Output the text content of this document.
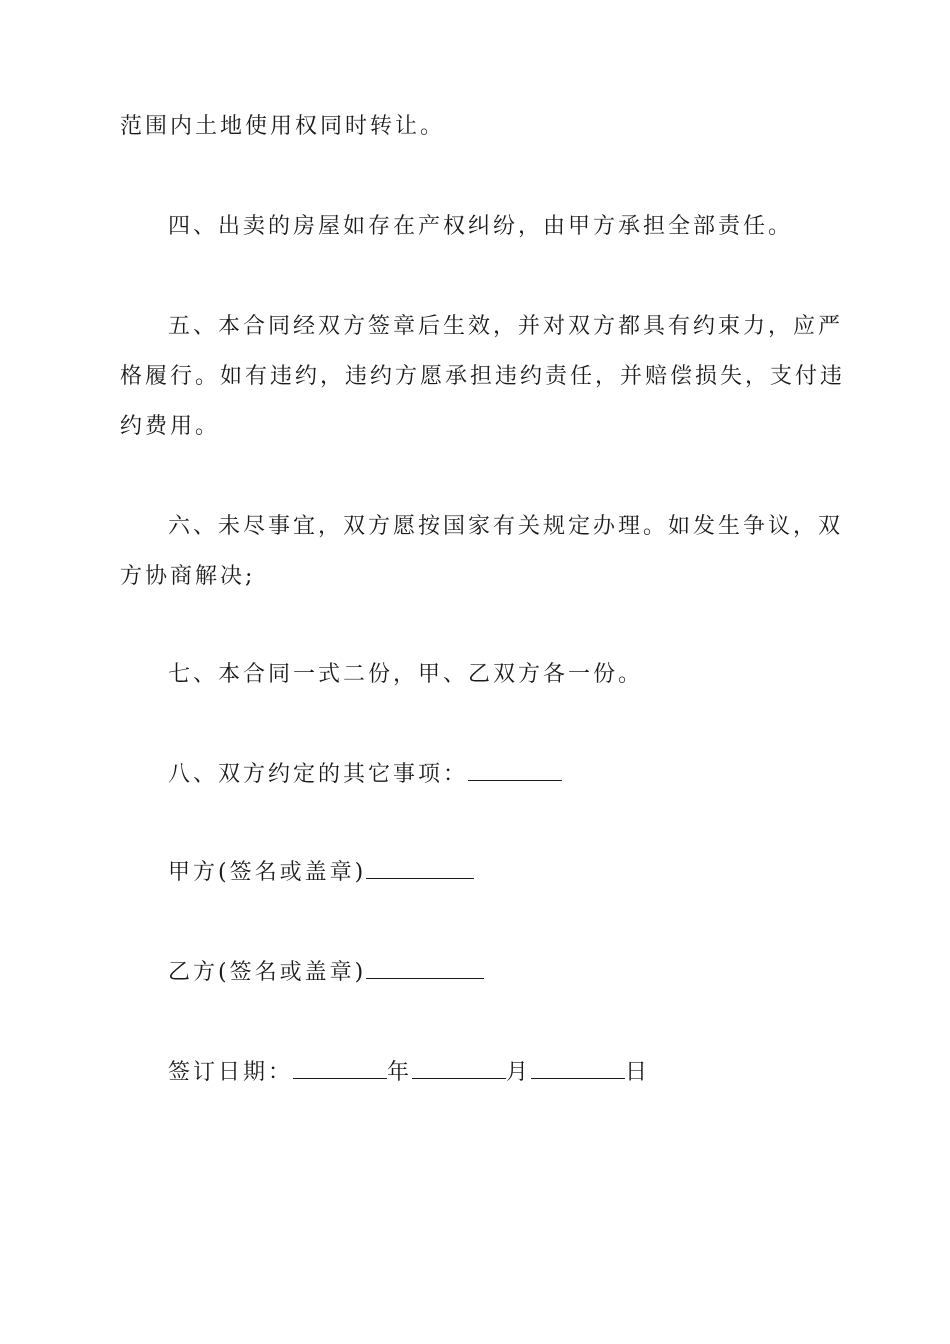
范围内土地使用权同时转让。
四、出卖的房屋如存在产权纠纷，由甲方承担全部责任。
五、本合同经双方签章后生效，并对双方都具有约束力，应严
格履行。如有违约，违约方愿承担违约责任，并赔偿损失，支付违
约费用。
六、未尽事宜，双方愿按国家有关规定办理。如发生争议，双
方协商解决;
七、本合同一式二份，甲、乙双方各一份。
八、双方约定的其它事项：
甲方(签名或盖章)
乙方(签名或盖章)
签订日期：	年	月	日
